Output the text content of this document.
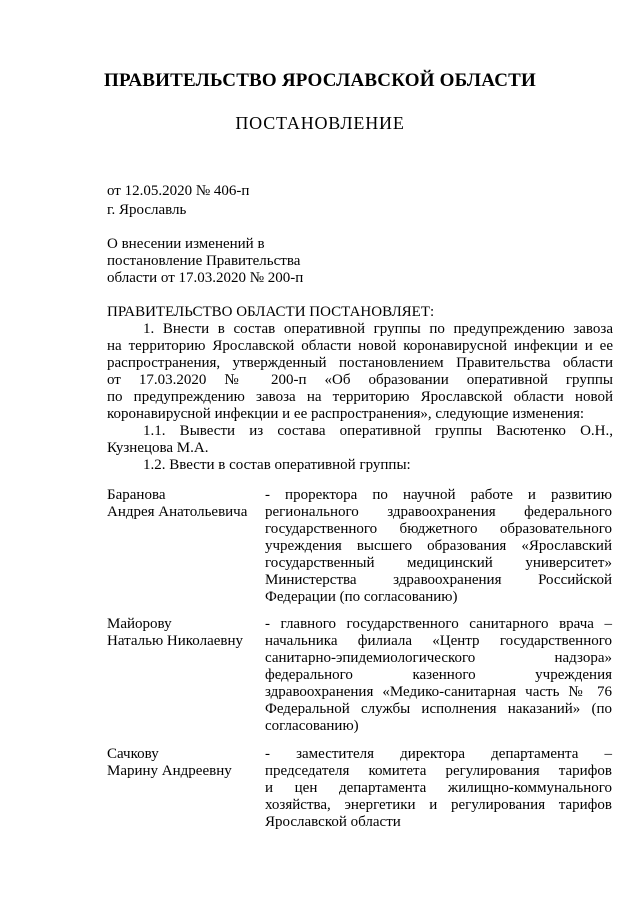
ПРАВИТЕЛЬСТВО ЯРОСЛАВСКОЙ ОБЛАСТИ
ПОСТАНОВЛЕНИЕ
от 12.05.2020 № 406-п
г. Ярославль
О внесении изменений в
постановление Правительства
области от 17.03.2020 № 200-п
ПРАВИТЕЛЬСТВО ОБЛАСТИ ПОСТАНОВЛЯЕТ:
1. Внести в состав оперативной группы по предупреждению завоза
на территорию Ярославской области новой коронавирусной инфекции и ее
распространения, утвержденный постановлением Правительства области
от 17.03.2020 № 200-п «Об образовании оперативной группы
по предупреждению завоза на территорию Ярославской области новой
коронавирусной инфекции и ее распространения», следующие изменения:
1.1. Вывести из состава оперативной группы Васютенко О.Н.,
Кузнецова М.А.
1.2. Ввести в состав оперативной группы:
Баранова
Андрея Анатольевича
- проректора по научной работе и развитию
регионального здравоохранения федерального
государственного бюджетного образовательного
учреждения высшего образования «Ярославский
государственный медицинский университет»
Министерства здравоохранения Российской
Федерации (по согласованию)
Майорову
Наталью Николаевну
- главного государственного санитарного врача –
начальника филиала «Центр государственного
санитарно-эпидемиологического надзора»
федерального казенного учреждения
здравоохранения «Медико-санитарная часть № 76
Федеральной службы исполнения наказаний» (по
согласованию)
Сачкову
Марину Андреевну
- заместителя директора департамента –
председателя комитета регулирования тарифов
и цен департамента жилищно-коммунального
хозяйства, энергетики и регулирования тарифов
Ярославской области
